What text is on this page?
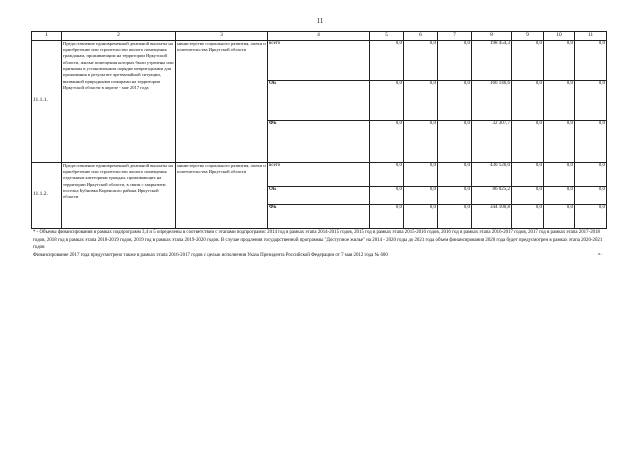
11
1	2	3	4	5	6	7	8	9	10	11
11.1.1.	Предоставление единовременной денежной выплаты на приобретение или строительство жилого помещения гражданам, проживающим на территории Иркутской области, жилые помещения которых были утрачены или признаны в установленном порядке непригодными для проживания в результате чрезвычайной ситуации, вызванной природными пожарами на территории Иркутской области в апреле - мае 2017 года	министерство социального развития, опеки и попечительства Иркутской области	всего	0,0	0,0	0,0	198 454,3	0,0	0,0	0,0
			ОБ	0,0	0,0	0,0	166 146,6	0,0	0,0	0,0
			ФБ	0,0	0,0	0,0	32 307,7	0,0	0,0	0,0
11.1.2.	Предоставление единовременной денежной выплаты на приобретение или строительство жилого помещения отдельным категориям граждан, проживающих на территории Иркутской области, в связи с закрытием поселка Бубновка Киренского района Иркутской области	министерство социального развития, опеки и попечительства Иркутской области	всего	0,0	0,0	0,0	430 126,0	0,0	0,0	0,0
			ОБ	0,0	0,0	0,0	86 025,2	0,0	0,0	0,0
			ФБ	0,0	0,0	0,0	344 100,8	0,0	0,0	0,0
* - Объемы финансирования в рамках подпрограмм 3,4 и 5 определены в соответствии с этапами подпрограмм: 2014 год в рамках этапа 2014-2015 годов, 2015 год в рамках этапа 2015-2016 годов, 2016 год в рамках этапа 2016-2017 годов, 2017 год в рамках этапа 2017-2018 годов, 2018 год в рамках этапа 2018-2019 годов, 2019 год в рамках этапа 2019-2020 годов. В случае продления государственной программы "Доступное жилье" на 2014 - 2020 годы до 2021 года объем финансирования 2020 года будет предусмотрен в рамках этапа 2020-2021 годов
Финансирование 2017 года предусмотрено также в рамках этапа 2016-2017 годов с целью исполнения Указа Президента Российской Федерации от 7 мая 2012 года № 600	».
